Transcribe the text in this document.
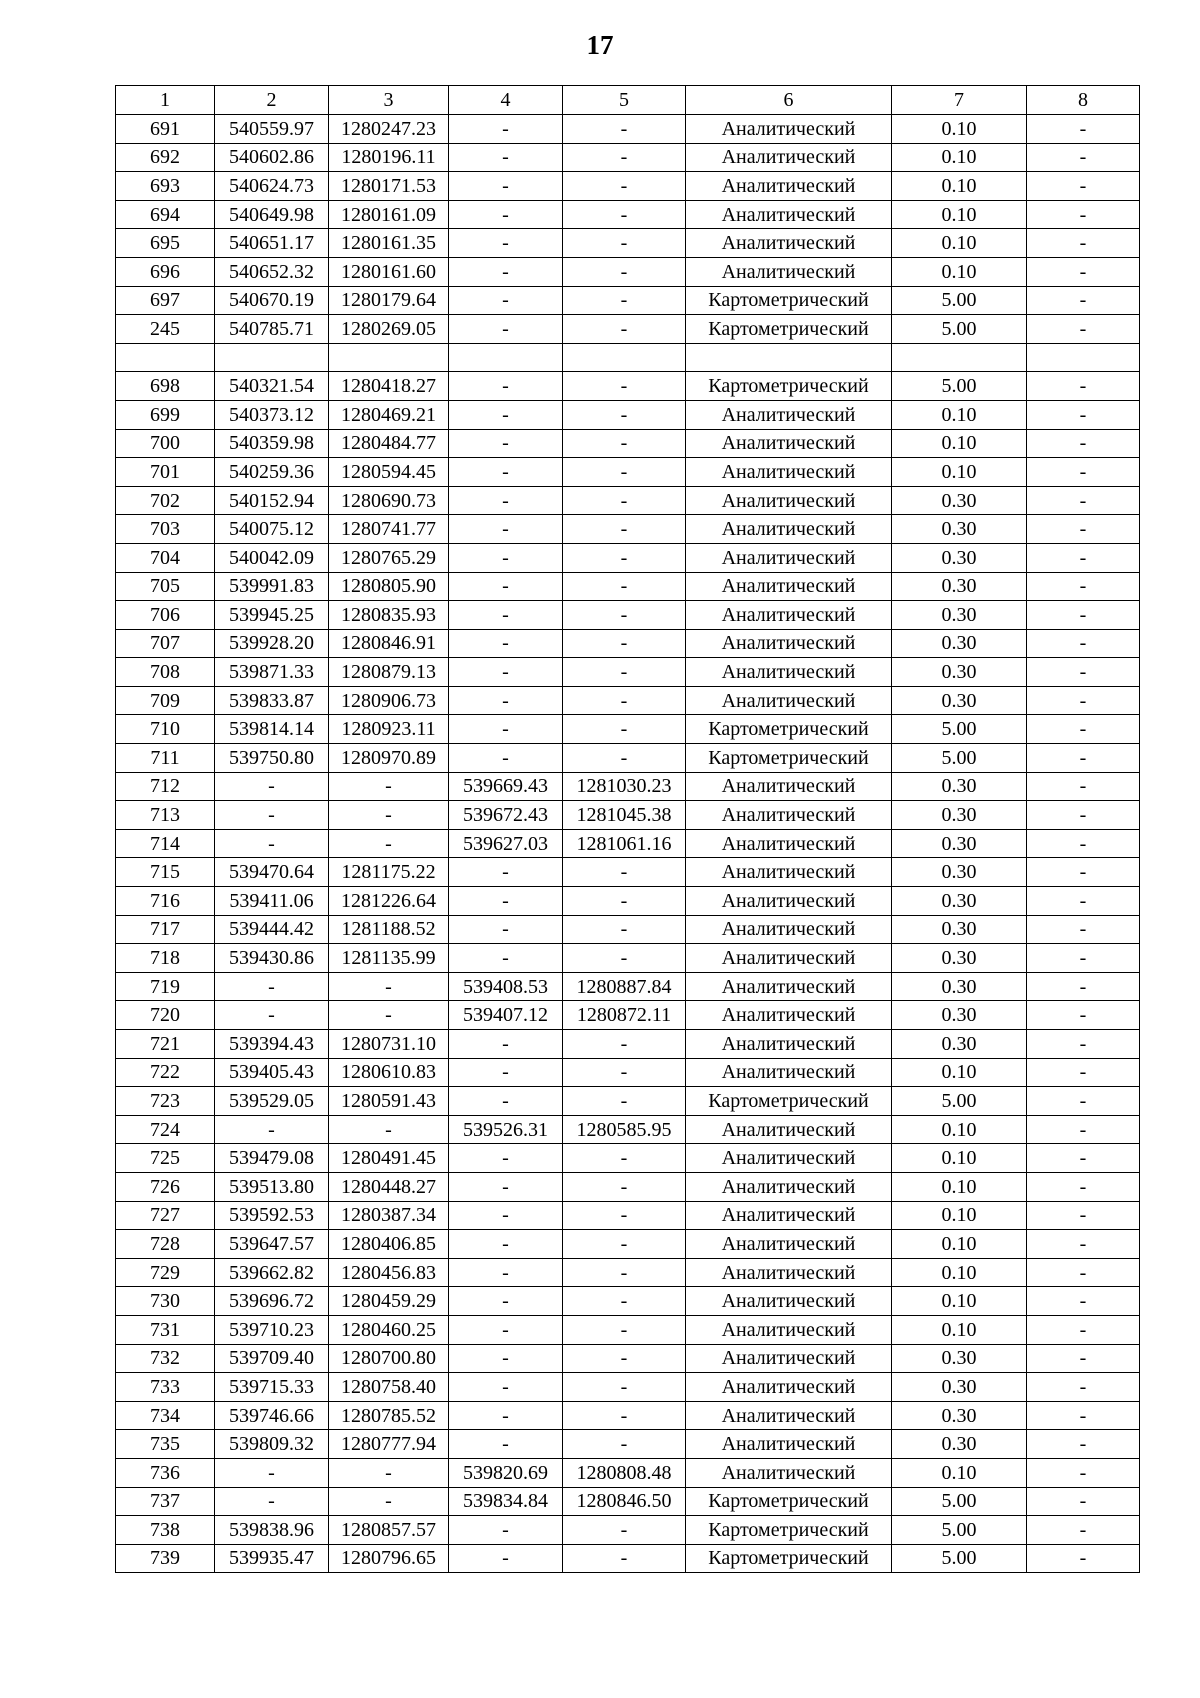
17
1	2	3	4	5	6	7	8
691	540559.97	1280247.23	-	-	Аналитический	0.10	-
692	540602.86	1280196.11	-	-	Аналитический	0.10	-
693	540624.73	1280171.53	-	-	Аналитический	0.10	-
694	540649.98	1280161.09	-	-	Аналитический	0.10	-
695	540651.17	1280161.35	-	-	Аналитический	0.10	-
696	540652.32	1280161.60	-	-	Аналитический	0.10	-
697	540670.19	1280179.64	-	-	Картометрический	5.00	-
245	540785.71	1280269.05	-	-	Картометрический	5.00	-

698	540321.54	1280418.27	-	-	Картометрический	5.00	-
699	540373.12	1280469.21	-	-	Аналитический	0.10	-
700	540359.98	1280484.77	-	-	Аналитический	0.10	-
701	540259.36	1280594.45	-	-	Аналитический	0.10	-
702	540152.94	1280690.73	-	-	Аналитический	0.30	-
703	540075.12	1280741.77	-	-	Аналитический	0.30	-
704	540042.09	1280765.29	-	-	Аналитический	0.30	-
705	539991.83	1280805.90	-	-	Аналитический	0.30	-
706	539945.25	1280835.93	-	-	Аналитический	0.30	-
707	539928.20	1280846.91	-	-	Аналитический	0.30	-
708	539871.33	1280879.13	-	-	Аналитический	0.30	-
709	539833.87	1280906.73	-	-	Аналитический	0.30	-
710	539814.14	1280923.11	-	-	Картометрический	5.00	-
711	539750.80	1280970.89	-	-	Картометрический	5.00	-
712	-	-	539669.43	1281030.23	Аналитический	0.30	-
713	-	-	539672.43	1281045.38	Аналитический	0.30	-
714	-	-	539627.03	1281061.16	Аналитический	0.30	-
715	539470.64	1281175.22	-	-	Аналитический	0.30	-
716	539411.06	1281226.64	-	-	Аналитический	0.30	-
717	539444.42	1281188.52	-	-	Аналитический	0.30	-
718	539430.86	1281135.99	-	-	Аналитический	0.30	-
719	-	-	539408.53	1280887.84	Аналитический	0.30	-
720	-	-	539407.12	1280872.11	Аналитический	0.30	-
721	539394.43	1280731.10	-	-	Аналитический	0.30	-
722	539405.43	1280610.83	-	-	Аналитический	0.10	-
723	539529.05	1280591.43	-	-	Картометрический	5.00	-
724	-	-	539526.31	1280585.95	Аналитический	0.10	-
725	539479.08	1280491.45	-	-	Аналитический	0.10	-
726	539513.80	1280448.27	-	-	Аналитический	0.10	-
727	539592.53	1280387.34	-	-	Аналитический	0.10	-
728	539647.57	1280406.85	-	-	Аналитический	0.10	-
729	539662.82	1280456.83	-	-	Аналитический	0.10	-
730	539696.72	1280459.29	-	-	Аналитический	0.10	-
731	539710.23	1280460.25	-	-	Аналитический	0.10	-
732	539709.40	1280700.80	-	-	Аналитический	0.30	-
733	539715.33	1280758.40	-	-	Аналитический	0.30	-
734	539746.66	1280785.52	-	-	Аналитический	0.30	-
735	539809.32	1280777.94	-	-	Аналитический	0.30	-
736	-	-	539820.69	1280808.48	Аналитический	0.10	-
737	-	-	539834.84	1280846.50	Картометрический	5.00	-
738	539838.96	1280857.57	-	-	Картометрический	5.00	-
739	539935.47	1280796.65	-	-	Картометрический	5.00	-
